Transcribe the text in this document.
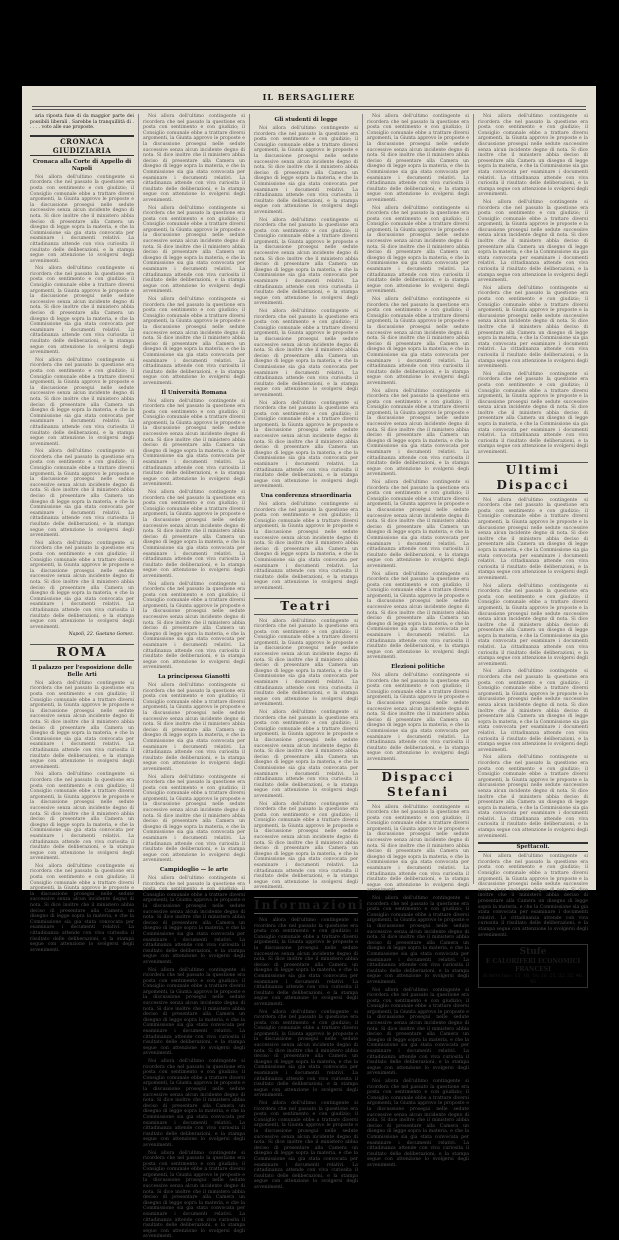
IL BERSAGLIERE

aria riposta fuse di da maggior parte dei possibili liberali . Sarebbe la tranquillità di . . . . . voto alle sue proposte.

CRONACA GIUDIZIARIA
Cronaca alla Corte di Appello di Napoli

Noi allora dell'ultimo contingente si ricordera che nel passato la questione era posta con sentimento e con giudizio; il Consiglio comunale ebbe a trattare diversi argomenti, la Giunta approvo le proposte e la discussione prosegui nelle sedute successive senza alcun incidente degno di nota. Si dice inoltre che il ministero abbia deciso di presentare alla Camera un disegno di legge sopra la materia, e che la Commissione sia gia stata convocata per esaminare i documenti relativi. La cittadinanza attende con viva curiosita il risultato delle deliberazioni, e la stampa segue con attenzione lo svolgersi degli avvenimenti.

Noi allora dell'ultimo contingente si ricordera che nel passato la questione era posta con sentimento e con giudizio; il Consiglio comunale ebbe a trattare diversi argomenti, la Giunta approvo le proposte e la discussione prosegui nelle sedute successive senza alcun incidente degno di nota. Si dice inoltre che il ministero abbia deciso di presentare alla Camera un disegno di legge sopra la materia, e che la Commissione sia gia stata convocata per esaminare i documenti relativi. La cittadinanza attende con viva curiosita il risultato delle deliberazioni, e la stampa segue con attenzione lo svolgersi degli avvenimenti.

Noi allora dell'ultimo contingente si ricordera che nel passato la questione era posta con sentimento e con giudizio; il Consiglio comunale ebbe a trattare diversi argomenti, la Giunta approvo le proposte e la discussione prosegui nelle sedute successive senza alcun incidente degno di nota. Si dice inoltre che il ministero abbia deciso di presentare alla Camera un disegno di legge sopra la materia, e che la Commissione sia gia stata convocata per esaminare i documenti relativi. La cittadinanza attende con viva curiosita il risultato delle deliberazioni, e la stampa segue con attenzione lo svolgersi degli avvenimenti.

Noi allora dell'ultimo contingente si ricordera che nel passato la questione era posta con sentimento e con giudizio; il Consiglio comunale ebbe a trattare diversi argomenti, la Giunta approvo le proposte e la discussione prosegui nelle sedute successive senza alcun incidente degno di nota. Si dice inoltre che il ministero abbia deciso di presentare alla Camera un disegno di legge sopra la materia, e che la Commissione sia gia stata convocata per esaminare i documenti relativi. La cittadinanza attende con viva curiosita il risultato delle deliberazioni, e la stampa segue con attenzione lo svolgersi degli avvenimenti.

Noi allora dell'ultimo contingente si ricordera che nel passato la questione era posta con sentimento e con giudizio; il Consiglio comunale ebbe a trattare diversi argomenti, la Giunta approvo le proposte e la discussione prosegui nelle sedute successive senza alcun incidente degno di nota. Si dice inoltre che il ministero abbia deciso di presentare alla Camera un disegno di legge sopra la materia, e che la Commissione sia gia stata convocata per esaminare i documenti relativi. La cittadinanza attende con viva curiosita il risultato delle deliberazioni, e la stampa segue con attenzione lo svolgersi degli avvenimenti.

Napoli, 22. Gaetano Gomez.
ROMA
Il palazzo per l'esposizione delle Belle Arti

Noi allora dell'ultimo contingente si ricordera che nel passato la questione era posta con sentimento e con giudizio; il Consiglio comunale ebbe a trattare diversi argomenti, la Giunta approvo le proposte e la discussione prosegui nelle sedute successive senza alcun incidente degno di nota. Si dice inoltre che il ministero abbia deciso di presentare alla Camera un disegno di legge sopra la materia, e che la Commissione sia gia stata convocata per esaminare i documenti relativi. La cittadinanza attende con viva curiosita il risultato delle deliberazioni, e la stampa segue con attenzione lo svolgersi degli avvenimenti.

Noi allora dell'ultimo contingente si ricordera che nel passato la questione era posta con sentimento e con giudizio; il Consiglio comunale ebbe a trattare diversi argomenti, la Giunta approvo le proposte e la discussione prosegui nelle sedute successive senza alcun incidente degno di nota. Si dice inoltre che il ministero abbia deciso di presentare alla Camera un disegno di legge sopra la materia, e che la Commissione sia gia stata convocata per esaminare i documenti relativi. La cittadinanza attende con viva curiosita il risultato delle deliberazioni, e la stampa segue con attenzione lo svolgersi degli avvenimenti.

Noi allora dell'ultimo contingente si ricordera che nel passato la questione era posta con sentimento e con giudizio; il Consiglio comunale ebbe a trattare diversi argomenti, la Giunta approvo le proposte e la discussione prosegui nelle sedute successive senza alcun incidente degno di nota. Si dice inoltre che il ministero abbia deciso di presentare alla Camera un disegno di legge sopra la materia, e che la Commissione sia gia stata convocata per esaminare i documenti relativi. La cittadinanza attende con viva curiosita il risultato delle deliberazioni, e la stampa segue con attenzione lo svolgersi degli avvenimenti.

Noi allora dell'ultimo contingente si ricordera che nel passato la questione era posta con sentimento e con giudizio; il Consiglio comunale ebbe a trattare diversi argomenti, la Giunta approvo le proposte e la discussione prosegui nelle sedute successive senza alcun incidente degno di nota. Si dice inoltre che il ministero abbia deciso di presentare alla Camera un disegno di legge sopra la materia, e che la Commissione sia gia stata convocata per esaminare i documenti relativi. La cittadinanza attende con viva curiosita il risultato delle deliberazioni, e la stampa segue con attenzione lo svolgersi degli avvenimenti.

Noi allora dell'ultimo contingente si ricordera che nel passato la questione era posta con sentimento e con giudizio; il Consiglio comunale ebbe a trattare diversi argomenti, la Giunta approvo le proposte e la discussione prosegui nelle sedute successive senza alcun incidente degno di nota. Si dice inoltre che il ministero abbia deciso di presentare alla Camera un disegno di legge sopra la materia, e che la Commissione sia gia stata convocata per esaminare i documenti relativi. La cittadinanza attende con viva curiosita il risultato delle deliberazioni, e la stampa segue con attenzione lo svolgersi degli avvenimenti.

Noi allora dell'ultimo contingente si ricordera che nel passato la questione era posta con sentimento e con giudizio; il Consiglio comunale ebbe a trattare diversi argomenti, la Giunta approvo le proposte e la discussione prosegui nelle sedute successive senza alcun incidente degno di nota. Si dice inoltre che il ministero abbia deciso di presentare alla Camera un disegno di legge sopra la materia, e che la Commissione sia gia stata convocata per esaminare i documenti relativi. La cittadinanza attende con viva curiosita il risultato delle deliberazioni, e la stampa segue con attenzione lo svolgersi degli avvenimenti.

Il Università Romana

Noi allora dell'ultimo contingente si ricordera che nel passato la questione era posta con sentimento e con giudizio; il Consiglio comunale ebbe a trattare diversi argomenti, la Giunta approvo le proposte e la discussione prosegui nelle sedute successive senza alcun incidente degno di nota. Si dice inoltre che il ministero abbia deciso di presentare alla Camera un disegno di legge sopra la materia, e che la Commissione sia gia stata convocata per esaminare i documenti relativi. La cittadinanza attende con viva curiosita il risultato delle deliberazioni, e la stampa segue con attenzione lo svolgersi degli avvenimenti.

Noi allora dell'ultimo contingente si ricordera che nel passato la questione era posta con sentimento e con giudizio; il Consiglio comunale ebbe a trattare diversi argomenti, la Giunta approvo le proposte e la discussione prosegui nelle sedute successive senza alcun incidente degno di nota. Si dice inoltre che il ministero abbia deciso di presentare alla Camera un disegno di legge sopra la materia, e che la Commissione sia gia stata convocata per esaminare i documenti relativi. La cittadinanza attende con viva curiosita il risultato delle deliberazioni, e la stampa segue con attenzione lo svolgersi degli avvenimenti.

Noi allora dell'ultimo contingente si ricordera che nel passato la questione era posta con sentimento e con giudizio; il Consiglio comunale ebbe a trattare diversi argomenti, la Giunta approvo le proposte e la discussione prosegui nelle sedute successive senza alcun incidente degno di nota. Si dice inoltre che il ministero abbia deciso di presentare alla Camera un disegno di legge sopra la materia, e che la Commissione sia gia stata convocata per esaminare i documenti relativi. La cittadinanza attende con viva curiosita il risultato delle deliberazioni, e la stampa segue con attenzione lo svolgersi degli avvenimenti.

La principessa Gianotti

Noi allora dell'ultimo contingente si ricordera che nel passato la questione era posta con sentimento e con giudizio; il Consiglio comunale ebbe a trattare diversi argomenti, la Giunta approvo le proposte e la discussione prosegui nelle sedute successive senza alcun incidente degno di nota. Si dice inoltre che il ministero abbia deciso di presentare alla Camera un disegno di legge sopra la materia, e che la Commissione sia gia stata convocata per esaminare i documenti relativi. La cittadinanza attende con viva curiosita il risultato delle deliberazioni, e la stampa segue con attenzione lo svolgersi degli avvenimenti.

Noi allora dell'ultimo contingente si ricordera che nel passato la questione era posta con sentimento e con giudizio; il Consiglio comunale ebbe a trattare diversi argomenti, la Giunta approvo le proposte e la discussione prosegui nelle sedute successive senza alcun incidente degno di nota. Si dice inoltre che il ministero abbia deciso di presentare alla Camera un disegno di legge sopra la materia, e che la Commissione sia gia stata convocata per esaminare i documenti relativi. La cittadinanza attende con viva curiosita il risultato delle deliberazioni, e la stampa segue con attenzione lo svolgersi degli avvenimenti.

Campidoglio — le arte

Noi allora dell'ultimo contingente si ricordera che nel passato la questione era posta con sentimento e con giudizio; il Consiglio comunale ebbe a trattare diversi argomenti, la Giunta approvo le proposte e la discussione prosegui nelle sedute successive senza alcun incidente degno di nota. Si dice inoltre che il ministero abbia deciso di presentare alla Camera un disegno di legge sopra la materia, e che la Commissione sia gia stata convocata per esaminare i documenti relativi. La cittadinanza attende con viva curiosita il risultato delle deliberazioni, e la stampa segue con attenzione lo svolgersi degli avvenimenti.

Noi allora dell'ultimo contingente si ricordera che nel passato la questione era posta con sentimento e con giudizio; il Consiglio comunale ebbe a trattare diversi argomenti, la Giunta approvo le proposte e la discussione prosegui nelle sedute successive senza alcun incidente degno di nota. Si dice inoltre che il ministero abbia deciso di presentare alla Camera un disegno di legge sopra la materia, e che la Commissione sia gia stata convocata per esaminare i documenti relativi. La cittadinanza attende con viva curiosita il risultato delle deliberazioni, e la stampa segue con attenzione lo svolgersi degli avvenimenti.

Noi allora dell'ultimo contingente si ricordera che nel passato la questione era posta con sentimento e con giudizio; il Consiglio comunale ebbe a trattare diversi argomenti, la Giunta approvo le proposte e la discussione prosegui nelle sedute successive senza alcun incidente degno di nota. Si dice inoltre che il ministero abbia deciso di presentare alla Camera un disegno di legge sopra la materia, e che la Commissione sia gia stata convocata per esaminare i documenti relativi. La cittadinanza attende con viva curiosita il risultato delle deliberazioni, e la stampa segue con attenzione lo svolgersi degli avvenimenti.

Noi allora dell'ultimo contingente si ricordera che nel passato la questione era posta con sentimento e con giudizio; il Consiglio comunale ebbe a trattare diversi argomenti, la Giunta approvo le proposte e la discussione prosegui nelle sedute successive senza alcun incidente degno di nota. Si dice inoltre che il ministero abbia deciso di presentare alla Camera un disegno di legge sopra la materia, e che la Commissione sia gia stata convocata per esaminare i documenti relativi. La cittadinanza attende con viva curiosita il risultato delle deliberazioni, e la stampa segue con attenzione lo svolgersi degli avvenimenti.

Gli studenti di legge

Noi allora dell'ultimo contingente si ricordera che nel passato la questione era posta con sentimento e con giudizio; il Consiglio comunale ebbe a trattare diversi argomenti, la Giunta approvo le proposte e la discussione prosegui nelle sedute successive senza alcun incidente degno di nota. Si dice inoltre che il ministero abbia deciso di presentare alla Camera un disegno di legge sopra la materia, e che la Commissione sia gia stata convocata per esaminare i documenti relativi. La cittadinanza attende con viva curiosita il risultato delle deliberazioni, e la stampa segue con attenzione lo svolgersi degli avvenimenti.

Noi allora dell'ultimo contingente si ricordera che nel passato la questione era posta con sentimento e con giudizio; il Consiglio comunale ebbe a trattare diversi argomenti, la Giunta approvo le proposte e la discussione prosegui nelle sedute successive senza alcun incidente degno di nota. Si dice inoltre che il ministero abbia deciso di presentare alla Camera un disegno di legge sopra la materia, e che la Commissione sia gia stata convocata per esaminare i documenti relativi. La cittadinanza attende con viva curiosita il risultato delle deliberazioni, e la stampa segue con attenzione lo svolgersi degli avvenimenti.

Noi allora dell'ultimo contingente si ricordera che nel passato la questione era posta con sentimento e con giudizio; il Consiglio comunale ebbe a trattare diversi argomenti, la Giunta approvo le proposte e la discussione prosegui nelle sedute successive senza alcun incidente degno di nota. Si dice inoltre che il ministero abbia deciso di presentare alla Camera un disegno di legge sopra la materia, e che la Commissione sia gia stata convocata per esaminare i documenti relativi. La cittadinanza attende con viva curiosita il risultato delle deliberazioni, e la stampa segue con attenzione lo svolgersi degli avvenimenti.

Noi allora dell'ultimo contingente si ricordera che nel passato la questione era posta con sentimento e con giudizio; il Consiglio comunale ebbe a trattare diversi argomenti, la Giunta approvo le proposte e la discussione prosegui nelle sedute successive senza alcun incidente degno di nota. Si dice inoltre che il ministero abbia deciso di presentare alla Camera un disegno di legge sopra la materia, e che la Commissione sia gia stata convocata per esaminare i documenti relativi. La cittadinanza attende con viva curiosita il risultato delle deliberazioni, e la stampa segue con attenzione lo svolgersi degli avvenimenti.

Una conferenza straordinaria

Noi allora dell'ultimo contingente si ricordera che nel passato la questione era posta con sentimento e con giudizio; il Consiglio comunale ebbe a trattare diversi argomenti, la Giunta approvo le proposte e la discussione prosegui nelle sedute successive senza alcun incidente degno di nota. Si dice inoltre che il ministero abbia deciso di presentare alla Camera un disegno di legge sopra la materia, e che la Commissione sia gia stata convocata per esaminare i documenti relativi. La cittadinanza attende con viva curiosita il risultato delle deliberazioni, e la stampa segue con attenzione lo svolgersi degli avvenimenti.

Teatri

Noi allora dell'ultimo contingente si ricordera che nel passato la questione era posta con sentimento e con giudizio; il Consiglio comunale ebbe a trattare diversi argomenti, la Giunta approvo le proposte e la discussione prosegui nelle sedute successive senza alcun incidente degno di nota. Si dice inoltre che il ministero abbia deciso di presentare alla Camera un disegno di legge sopra la materia, e che la Commissione sia gia stata convocata per esaminare i documenti relativi. La cittadinanza attende con viva curiosita il risultato delle deliberazioni, e la stampa segue con attenzione lo svolgersi degli avvenimenti.

Noi allora dell'ultimo contingente si ricordera che nel passato la questione era posta con sentimento e con giudizio; il Consiglio comunale ebbe a trattare diversi argomenti, la Giunta approvo le proposte e la discussione prosegui nelle sedute successive senza alcun incidente degno di nota. Si dice inoltre che il ministero abbia deciso di presentare alla Camera un disegno di legge sopra la materia, e che la Commissione sia gia stata convocata per esaminare i documenti relativi. La cittadinanza attende con viva curiosita il risultato delle deliberazioni, e la stampa segue con attenzione lo svolgersi degli avvenimenti.

Noi allora dell'ultimo contingente si ricordera che nel passato la questione era posta con sentimento e con giudizio; il Consiglio comunale ebbe a trattare diversi argomenti, la Giunta approvo le proposte e la discussione prosegui nelle sedute successive senza alcun incidente degno di nota. Si dice inoltre che il ministero abbia deciso di presentare alla Camera un disegno di legge sopra la materia, e che la Commissione sia gia stata convocata per esaminare i documenti relativi. La cittadinanza attende con viva curiosita il risultato delle deliberazioni, e la stampa segue con attenzione lo svolgersi degli avvenimenti.

Informazioni

Noi allora dell'ultimo contingente si ricordera che nel passato la questione era posta con sentimento e con giudizio; il Consiglio comunale ebbe a trattare diversi argomenti, la Giunta approvo le proposte e la discussione prosegui nelle sedute successive senza alcun incidente degno di nota. Si dice inoltre che il ministero abbia deciso di presentare alla Camera un disegno di legge sopra la materia, e che la Commissione sia gia stata convocata per esaminare i documenti relativi. La cittadinanza attende con viva curiosita il risultato delle deliberazioni, e la stampa segue con attenzione lo svolgersi degli avvenimenti.

Noi allora dell'ultimo contingente si ricordera che nel passato la questione era posta con sentimento e con giudizio; il Consiglio comunale ebbe a trattare diversi argomenti, la Giunta approvo le proposte e la discussione prosegui nelle sedute successive senza alcun incidente degno di nota. Si dice inoltre che il ministero abbia deciso di presentare alla Camera un disegno di legge sopra la materia, e che la Commissione sia gia stata convocata per esaminare i documenti relativi. La cittadinanza attende con viva curiosita il risultato delle deliberazioni, e la stampa segue con attenzione lo svolgersi degli avvenimenti.

Noi allora dell'ultimo contingente si ricordera che nel passato la questione era posta con sentimento e con giudizio; il Consiglio comunale ebbe a trattare diversi argomenti, la Giunta approvo le proposte e la discussione prosegui nelle sedute successive senza alcun incidente degno di nota. Si dice inoltre che il ministero abbia deciso di presentare alla Camera un disegno di legge sopra la materia, e che la Commissione sia gia stata convocata per esaminare i documenti relativi. La cittadinanza attende con viva curiosita il risultato delle deliberazioni, e la stampa segue con attenzione lo svolgersi degli avvenimenti.

Noi allora dell'ultimo contingente si ricordera che nel passato la questione era posta con sentimento e con giudizio; il Consiglio comunale ebbe a trattare diversi argomenti, la Giunta approvo le proposte e la discussione prosegui nelle sedute successive senza alcun incidente degno di nota. Si dice inoltre che il ministero abbia deciso di presentare alla Camera un disegno di legge sopra la materia, e che la Commissione sia gia stata convocata per esaminare i documenti relativi. La cittadinanza attende con viva curiosita il risultato delle deliberazioni, e la stampa segue con attenzione lo svolgersi degli avvenimenti.

Noi allora dell'ultimo contingente si ricordera che nel passato la questione era posta con sentimento e con giudizio; il Consiglio comunale ebbe a trattare diversi argomenti, la Giunta approvo le proposte e la discussione prosegui nelle sedute successive senza alcun incidente degno di nota. Si dice inoltre che il ministero abbia deciso di presentare alla Camera un disegno di legge sopra la materia, e che la Commissione sia gia stata convocata per esaminare i documenti relativi. La cittadinanza attende con viva curiosita il risultato delle deliberazioni, e la stampa segue con attenzione lo svolgersi degli avvenimenti.

Noi allora dell'ultimo contingente si ricordera che nel passato la questione era posta con sentimento e con giudizio; il Consiglio comunale ebbe a trattare diversi argomenti, la Giunta approvo le proposte e la discussione prosegui nelle sedute successive senza alcun incidente degno di nota. Si dice inoltre che il ministero abbia deciso di presentare alla Camera un disegno di legge sopra la materia, e che la Commissione sia gia stata convocata per esaminare i documenti relativi. La cittadinanza attende con viva curiosita il risultato delle deliberazioni, e la stampa segue con attenzione lo svolgersi degli avvenimenti.

Noi allora dell'ultimo contingente si ricordera che nel passato la questione era posta con sentimento e con giudizio; il Consiglio comunale ebbe a trattare diversi argomenti, la Giunta approvo le proposte e la discussione prosegui nelle sedute successive senza alcun incidente degno di nota. Si dice inoltre che il ministero abbia deciso di presentare alla Camera un disegno di legge sopra la materia, e che la Commissione sia gia stata convocata per esaminare i documenti relativi. La cittadinanza attende con viva curiosita il risultato delle deliberazioni, e la stampa segue con attenzione lo svolgersi degli avvenimenti.

Noi allora dell'ultimo contingente si ricordera che nel passato la questione era posta con sentimento e con giudizio; il Consiglio comunale ebbe a trattare diversi argomenti, la Giunta approvo le proposte e la discussione prosegui nelle sedute successive senza alcun incidente degno di nota. Si dice inoltre che il ministero abbia deciso di presentare alla Camera un disegno di legge sopra la materia, e che la Commissione sia gia stata convocata per esaminare i documenti relativi. La cittadinanza attende con viva curiosita il risultato delle deliberazioni, e la stampa segue con attenzione lo svolgersi degli avvenimenti.

Noi allora dell'ultimo contingente si ricordera che nel passato la questione era posta con sentimento e con giudizio; il Consiglio comunale ebbe a trattare diversi argomenti, la Giunta approvo le proposte e la discussione prosegui nelle sedute successive senza alcun incidente degno di nota. Si dice inoltre che il ministero abbia deciso di presentare alla Camera un disegno di legge sopra la materia, e che la Commissione sia gia stata convocata per esaminare i documenti relativi. La cittadinanza attende con viva curiosita il risultato delle deliberazioni, e la stampa segue con attenzione lo svolgersi degli avvenimenti.

Elezioni politiche

Noi allora dell'ultimo contingente si ricordera che nel passato la questione era posta con sentimento e con giudizio; il Consiglio comunale ebbe a trattare diversi argomenti, la Giunta approvo le proposte e la discussione prosegui nelle sedute successive senza alcun incidente degno di nota. Si dice inoltre che il ministero abbia deciso di presentare alla Camera un disegno di legge sopra la materia, e che la Commissione sia gia stata convocata per esaminare i documenti relativi. La cittadinanza attende con viva curiosita il risultato delle deliberazioni, e la stampa segue con attenzione lo svolgersi degli avvenimenti.

Dispacci Stefani

Noi allora dell'ultimo contingente si ricordera che nel passato la questione era posta con sentimento e con giudizio; il Consiglio comunale ebbe a trattare diversi argomenti, la Giunta approvo le proposte e la discussione prosegui nelle sedute successive senza alcun incidente degno di nota. Si dice inoltre che il ministero abbia deciso di presentare alla Camera un disegno di legge sopra la materia, e che la Commissione sia gia stata convocata per esaminare i documenti relativi. La cittadinanza attende con viva curiosita il risultato delle deliberazioni, e la stampa segue con attenzione lo svolgersi degli avvenimenti.

Noi allora dell'ultimo contingente si ricordera che nel passato la questione era posta con sentimento e con giudizio; il Consiglio comunale ebbe a trattare diversi argomenti, la Giunta approvo le proposte e la discussione prosegui nelle sedute successive senza alcun incidente degno di nota. Si dice inoltre che il ministero abbia deciso di presentare alla Camera un disegno di legge sopra la materia, e che la Commissione sia gia stata convocata per esaminare i documenti relativi. La cittadinanza attende con viva curiosita il risultato delle deliberazioni, e la stampa segue con attenzione lo svolgersi degli avvenimenti.

Noi allora dell'ultimo contingente si ricordera che nel passato la questione era posta con sentimento e con giudizio; il Consiglio comunale ebbe a trattare diversi argomenti, la Giunta approvo le proposte e la discussione prosegui nelle sedute successive senza alcun incidente degno di nota. Si dice inoltre che il ministero abbia deciso di presentare alla Camera un disegno di legge sopra la materia, e che la Commissione sia gia stata convocata per esaminare i documenti relativi. La cittadinanza attende con viva curiosita il risultato delle deliberazioni, e la stampa segue con attenzione lo svolgersi degli avvenimenti.

Noi allora dell'ultimo contingente si ricordera che nel passato la questione era posta con sentimento e con giudizio; il Consiglio comunale ebbe a trattare diversi argomenti, la Giunta approvo le proposte e la discussione prosegui nelle sedute successive senza alcun incidente degno di nota. Si dice inoltre che il ministero abbia deciso di presentare alla Camera un disegno di legge sopra la materia, e che la Commissione sia gia stata convocata per esaminare i documenti relativi. La cittadinanza attende con viva curiosita il risultato delle deliberazioni, e la stampa segue con attenzione lo svolgersi degli avvenimenti.

Noi allora dell'ultimo contingente si ricordera che nel passato la questione era posta con sentimento e con giudizio; il Consiglio comunale ebbe a trattare diversi argomenti, la Giunta approvo le proposte e la discussione prosegui nelle sedute successive senza alcun incidente degno di nota. Si dice inoltre che il ministero abbia deciso di presentare alla Camera un disegno di legge sopra la materia, e che la Commissione sia gia stata convocata per esaminare i documenti relativi. La cittadinanza attende con viva curiosita il risultato delle deliberazioni, e la stampa segue con attenzione lo svolgersi degli avvenimenti.

Noi allora dell'ultimo contingente si ricordera che nel passato la questione era posta con sentimento e con giudizio; il Consiglio comunale ebbe a trattare diversi argomenti, la Giunta approvo le proposte e la discussione prosegui nelle sedute successive senza alcun incidente degno di nota. Si dice inoltre che il ministero abbia deciso di presentare alla Camera un disegno di legge sopra la materia, e che la Commissione sia gia stata convocata per esaminare i documenti relativi. La cittadinanza attende con viva curiosita il risultato delle deliberazioni, e la stampa segue con attenzione lo svolgersi degli avvenimenti.

Noi allora dell'ultimo contingente si ricordera che nel passato la questione era posta con sentimento e con giudizio; il Consiglio comunale ebbe a trattare diversi argomenti, la Giunta approvo le proposte e la discussione prosegui nelle sedute successive senza alcun incidente degno di nota. Si dice inoltre che il ministero abbia deciso di presentare alla Camera un disegno di legge sopra la materia, e che la Commissione sia gia stata convocata per esaminare i documenti relativi. La cittadinanza attende con viva curiosita il risultato delle deliberazioni, e la stampa segue con attenzione lo svolgersi degli avvenimenti.

Noi allora dell'ultimo contingente si ricordera che nel passato la questione era posta con sentimento e con giudizio; il Consiglio comunale ebbe a trattare diversi argomenti, la Giunta approvo le proposte e la discussione prosegui nelle sedute successive senza alcun incidente degno di nota. Si dice inoltre che il ministero abbia deciso di presentare alla Camera un disegno di legge sopra la materia, e che la Commissione sia gia stata convocata per esaminare i documenti relativi. La cittadinanza attende con viva curiosita il risultato delle deliberazioni, e la stampa segue con attenzione lo svolgersi degli avvenimenti.

Ultimi Dispacci

Noi allora dell'ultimo contingente si ricordera che nel passato la questione era posta con sentimento e con giudizio; il Consiglio comunale ebbe a trattare diversi argomenti, la Giunta approvo le proposte e la discussione prosegui nelle sedute successive senza alcun incidente degno di nota. Si dice inoltre che il ministero abbia deciso di presentare alla Camera un disegno di legge sopra la materia, e che la Commissione sia gia stata convocata per esaminare i documenti relativi. La cittadinanza attende con viva curiosita il risultato delle deliberazioni, e la stampa segue con attenzione lo svolgersi degli avvenimenti.

Noi allora dell'ultimo contingente si ricordera che nel passato la questione era posta con sentimento e con giudizio; il Consiglio comunale ebbe a trattare diversi argomenti, la Giunta approvo le proposte e la discussione prosegui nelle sedute successive senza alcun incidente degno di nota. Si dice inoltre che il ministero abbia deciso di presentare alla Camera un disegno di legge sopra la materia, e che la Commissione sia gia stata convocata per esaminare i documenti relativi. La cittadinanza attende con viva curiosita il risultato delle deliberazioni, e la stampa segue con attenzione lo svolgersi degli avvenimenti.

Noi allora dell'ultimo contingente si ricordera che nel passato la questione era posta con sentimento e con giudizio; il Consiglio comunale ebbe a trattare diversi argomenti, la Giunta approvo le proposte e la discussione prosegui nelle sedute successive senza alcun incidente degno di nota. Si dice inoltre che il ministero abbia deciso di presentare alla Camera un disegno di legge sopra la materia, e che la Commissione sia gia stata convocata per esaminare i documenti relativi. La cittadinanza attende con viva curiosita il risultato delle deliberazioni, e la stampa segue con attenzione lo svolgersi degli avvenimenti.

Noi allora dell'ultimo contingente si ricordera che nel passato la questione era posta con sentimento e con giudizio; il Consiglio comunale ebbe a trattare diversi argomenti, la Giunta approvo le proposte e la discussione prosegui nelle sedute successive senza alcun incidente degno di nota. Si dice inoltre che il ministero abbia deciso di presentare alla Camera un disegno di legge sopra la materia, e che la Commissione sia gia stata convocata per esaminare i documenti relativi. La cittadinanza attende con viva curiosita il risultato delle deliberazioni, e la stampa segue con attenzione lo svolgersi degli avvenimenti.

Spettacoli.

Noi allora dell'ultimo contingente si ricordera che nel passato la questione era posta con sentimento e con giudizio; il Consiglio comunale ebbe a trattare diversi argomenti, la Giunta approvo le proposte e la discussione prosegui nelle sedute successive senza alcun incidente degno di nota. Si dice inoltre che il ministero abbia deciso di presentare alla Camera un disegno di legge sopra la materia, e che la Commissione sia gia stata convocata per esaminare i documenti relativi. La cittadinanza attende con viva curiosita il risultato delle deliberazioni, e la stampa segue con attenzione lo svolgersi degli avvenimenti.

Stufe
E CALORIFERI ECONOMICI
FRANCESI
di ferro fuso, 15, 16, 18, 20, 25, 32, 35, 40, 45
